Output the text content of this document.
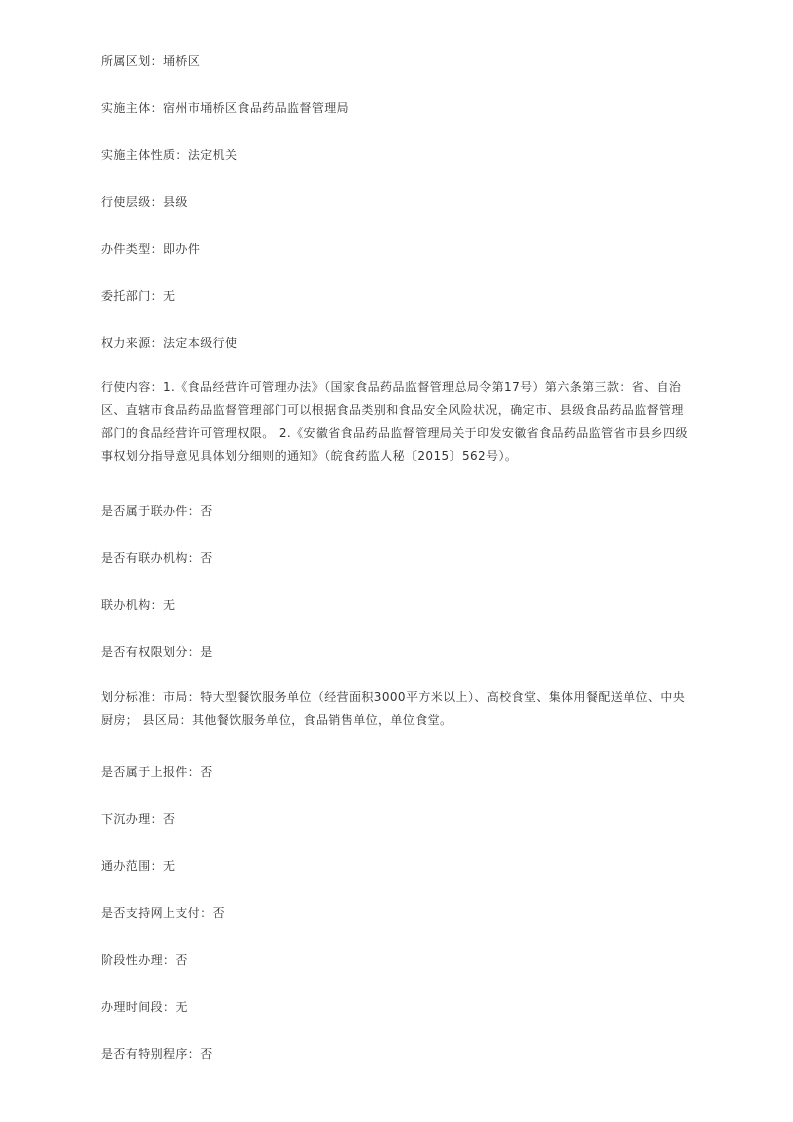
所属区划：埇桥区
实施主体：宿州市埇桥区食品药品监督管理局
实施主体性质：法定机关
行使层级：县级
办件类型：即办件
委托部门：无
权力来源：法定本级行使
行使内容：1.《食品经营许可管理办法》（国家食品药品监督管理总局令第17号）第六条第三款：省、自治
区、直辖市食品药品监督管理部门可以根据食品类别和食品安全风险状况，确定市、县级食品药品监督管理
部门的食品经营许可管理权限。 2.《安徽省食品药品监督管理局关于印发安徽省食品药品监管省市县乡四级
事权划分指导意见具体划分细则的通知》（皖食药监人秘〔2015〕562号）。
是否属于联办件：否
是否有联办机构：否
联办机构：无
是否有权限划分：是
划分标准：市局：特大型餐饮服务单位（经营面积3000平方米以上）、高校食堂、集体用餐配送单位、中央
厨房； 县区局：其他餐饮服务单位，食品销售单位，单位食堂。
是否属于上报件：否
下沉办理：否
通办范围：无
是否支持网上支付：否
阶段性办理：否
办理时间段：无
是否有特别程序：否
